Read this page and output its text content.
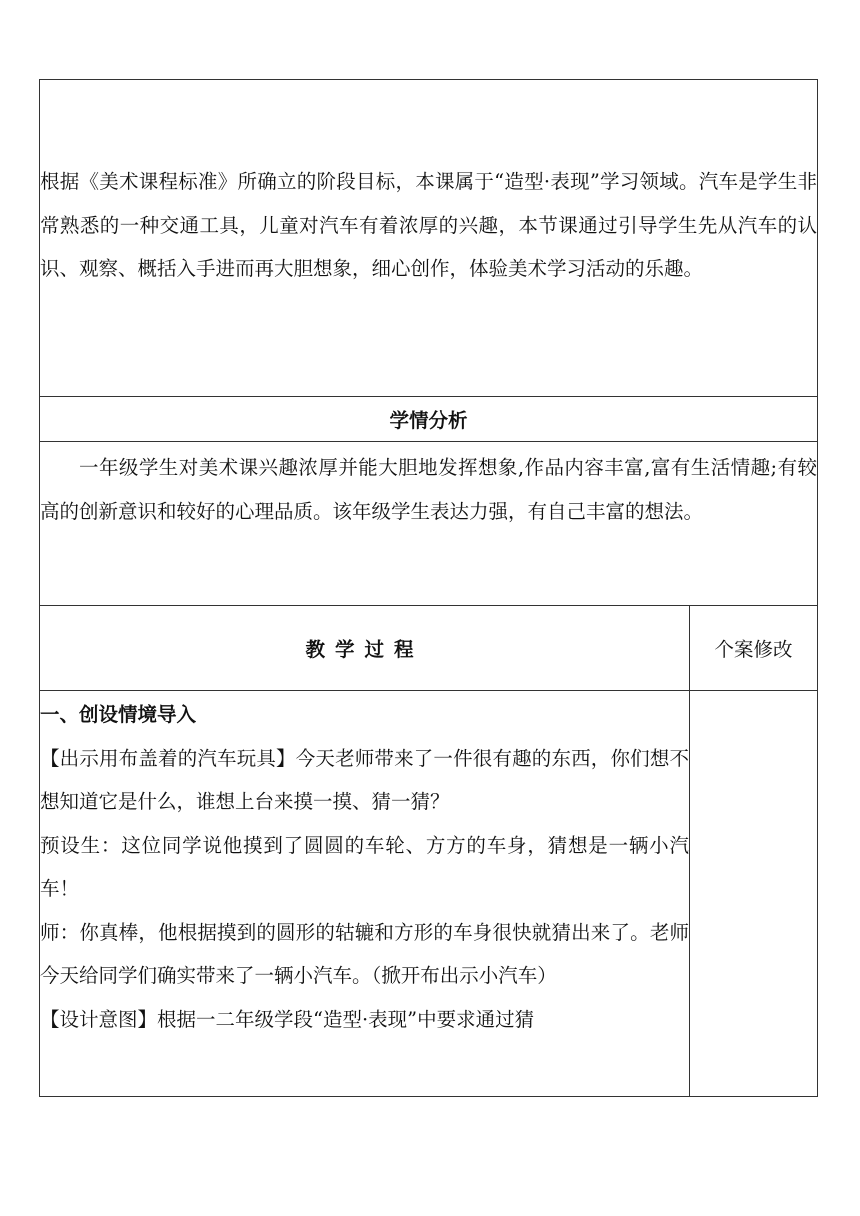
根据《美术课程标准》所确立的阶段目标，本课属于“造型·表现”学习领域。汽车是学生非常熟悉的一种交通工具，儿童对汽车有着浓厚的兴趣，本节课通过引导学生先从汽车的认识、观察、概括入手进而再大胆想象，细心创作，体验美术学习活动的乐趣。	

学情分析	

一年级学生对美术课兴趣浓厚并能大胆地发挥想象,作品内容丰富,富有生活情趣;有较高的创新意识和较好的心理品质。该年级学生表达力强，有自己丰富的想法。	

教学过程	个案修改

一、创设情境导入

【出示用布盖着的汽车玩具】今天老师带来了一件很有趣的东西，你们想不想知道它是什么，谁想上台来摸一摸、猜一猜？

预设生：这位同学说他摸到了圆圆的车轮、方方的车身，猜想是一辆小汽车！

师：你真棒，他根据摸到的圆形的轱辘和方形的车身很快就猜出来了。老师今天给同学们确实带来了一辆小汽车。（掀开布出示小汽车）

【设计意图】根据一二年级学段“造型·表现”中要求通过猜	
